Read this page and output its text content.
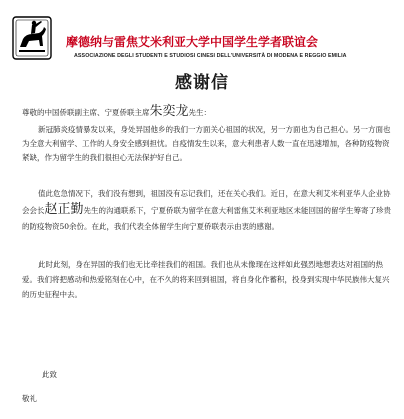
摩德纳与雷焦艾米利亚大学中国学生学者联谊会
ASSOCIAZIONE DEGLI STUDENTI E STUDIOSI CINESI DELL'UNIVERSITÀ DI MODENA E REGGIO EMILIA
感谢信

尊敬的中国侨联副主席、宁夏侨联主席朱奕龙先生：

新冠肺炎疫情暴发以来，身处异国他乡的我们一方面关心祖国的状况，另一方面也为自己担心。另一方面也为全意大利留学、工作的人身安全感到担忧。自疫情发生以来，意大利患者人数一直在迅速增加，各种防疫物资紧缺，作为留学生的我们很担心无法保护好自己。

值此危急情况下，我们没有想到，祖国没有忘记我们，还在关心我们。近日，在意大利艾米利亚华人企业协会会长赵正勤先生的沟通联系下，宁夏侨联为留学在意大利雷焦艾米利亚地区未能回国的留学生筹寄了珍贵的防疫物资50余份。在此，我们代表全体留学生向宁夏侨联表示由衷的感谢。

此时此刻，身在异国的我们也无比牵挂我们的祖国。我们也从未像现在这样如此强烈地想表达对祖国的热爱。我们将把感动和热爱铭刻在心中，在不久的将来回到祖国，将自身化作蓄积，投身到实现中华民族伟大复兴的历史征程中去。

此致
敬礼
